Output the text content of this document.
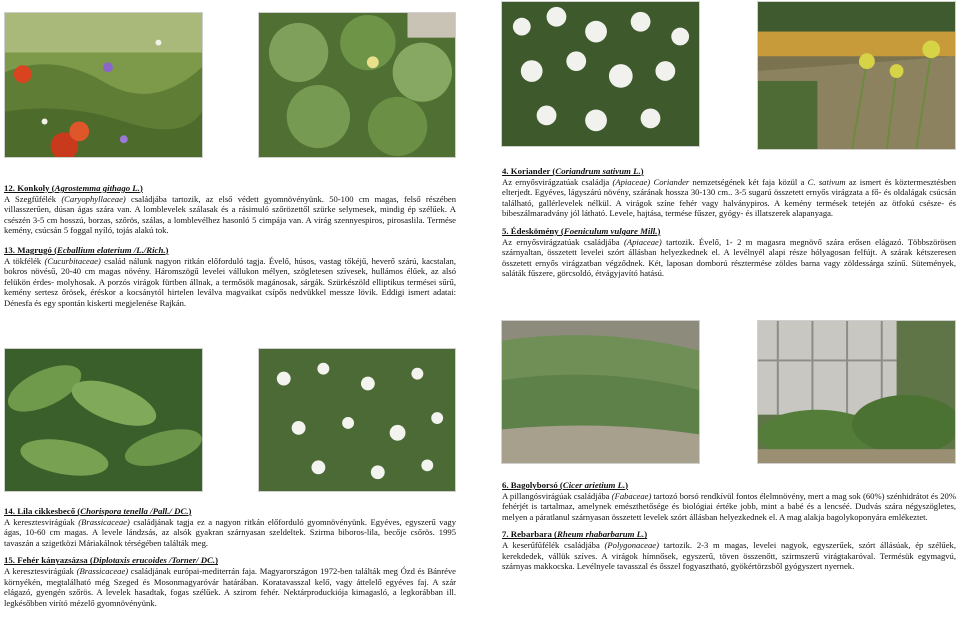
12. Konkoly (Agrostemma githago L.)

A Szegfűfélék (Caryophyllaceae) családjába tartozik, az első védett gyomnövényünk. 50-100 cm magas, felső részében villasszerűen, dúsan ágas szára van. A lomblevelek szálasak és a rásimuló szőrözettől szürke selymesek, mindig ép szélűek. A csészén 3-5 cm hosszú, borzas, szőrös, szálas, a lomblevélhez hasonló 5 cimpája van. A virág szennyespiros, pirosaslila. Termése kemény, csúcsán 5 foggal nyíló, tojás alakú tok.

13. Magrugó (Ecballium elaterium /L./Rich.)

A tökfélék (Cucurbitaceae) család nálunk nagyon ritkán előforduló tagja. Évelő, húsos, vastag tőkéjű, heverő szárú, kacstalan, bokros növésű, 20-40 cm magas növény. Háromszögű levelei vállukon mélyen, szögletesen szívesek, hullámos élűek, az alsó felükön érdes- molyhosak. A porzós virágok fürtben állnak, a termősök magánosak, sárgák. Szürkészöld elliptikus termései sűrű, kemény sertesz őrösek, éréskor a kocsánytól hirtelen leválva magvaikat csípős nedvükkel messze lövik. Eddigi ismert adatai: Dénesfa és egy spontán kiskerti megjelenése Rajkán.

14. Lila cikkesbecő (Chorispora tenella /Pall./ DC.)

A keresztesvirágúak (Brassicaceae) családjának tagja ez a nagyon ritkán előforduló gyomnövényünk. Egyéves, egyszerű vagy ágas, 10-60 cm magas. A levele lándzsás, az alsók gyakran szárnyasan szeldeltek. Szirma biboros-lila, becője csőrös. 1995 tavaszán a szigetközi Máriakálnok térségében találták meg.

15. Fehér kányazsázsa (Diplotaxis erucoides /Torner/ DC.)

A keresztesvirágúak (Brassicaceae) családjának európai-mediterrán faja. Magyarországon 1972-ben találták meg Ózd és Bánréve környékén, megtalálható még Szeged és Mosonmagyaróvár határában. Koratavasszal kelő, vagy áttelelő egyéves faj. A szár elágazó, gyengén szőrös. A levelek hasadtak, fogas szélűek. A szirom fehér. Nektárproduckiója kimagasló, a legkorábban ill. legkésőbben virító mézelő gyomnövényünk.

4. Koriander (Coriandrum sativum L.)

Az ernyősvirágzatúak családja (Apiaceae) Coriander nemzetségének két faja közül a C. sativum az ismert és köztermesztésben elterjedt. Egyéves, lágyszárú növény, szárának hossza 30-130 cm.. 3-5 sugarú összetett ernyős virágzata a fő- és oldalágak csúcsán található, gallérlevelek nélkül. A virágok színe fehér vagy halványpiros. A kemény termések tetején az ötfokú csésze- és bibeszálmaradvány jól látható. Levele, hajtása, termése fűszer, gyógy- és illatszerek alapanyaga.

5. Édeskömény (Foeniculum vulgare Mill.)

Az ernyősvirágzatúak családjába (Apiaceae) tartozik. Évelő, 1- 2 m magasra megnövő szára erősen elágazó. Többszörösen szárnyaltan, összetett levelei szórt állásban helyezkednek el. A levélnyél alapi része hólyagosan felfújt. A szárak kétszeresen összetett ernyős virágzatban végződnek. Két, laposan domború résztermése zöldes barna vagy zöldessárga színű. Sütemények, saláták fűszere, görcsoldó, étvágyjavító hatású.

6. Bagolyborsó (Cicer arietium L.)

A pillangósvirágúak családjába (Fabaceae) tartozó borsó rendkívül fontos élelmnövény, mert a mag sok (60%) szénhidrátot és 20% fehérjét is tartalmaz, amelynek emészthetősége és biológiai értéke jobb, mint a babé és a lencséé. Dudvás szára négyszögletes, melyen a páratlanul szárnyasan összetett levelek szórt állásban helyezkednek el. A mag alakja bagolykoponyára emlékeztet.

7. Rebarbara (Rheum rhabarbarum L.)

A keserűfűfélék családjába (Polygonaceae) tartozik. 2-3 m magas, levelei nagyok, egyszerűek, szórt állásúak, ép szélűek, kerekdedek, vállük szíves. A virágok hímnősek, egyszerű, töven összenőtt, szirmszerű virágtakaróval. Termésük egymagvú, szárnyas makkocska. Levélnyele tavasszal és ősszel fogyasztható, gyökértörzsből gyógyszert nyernek.
